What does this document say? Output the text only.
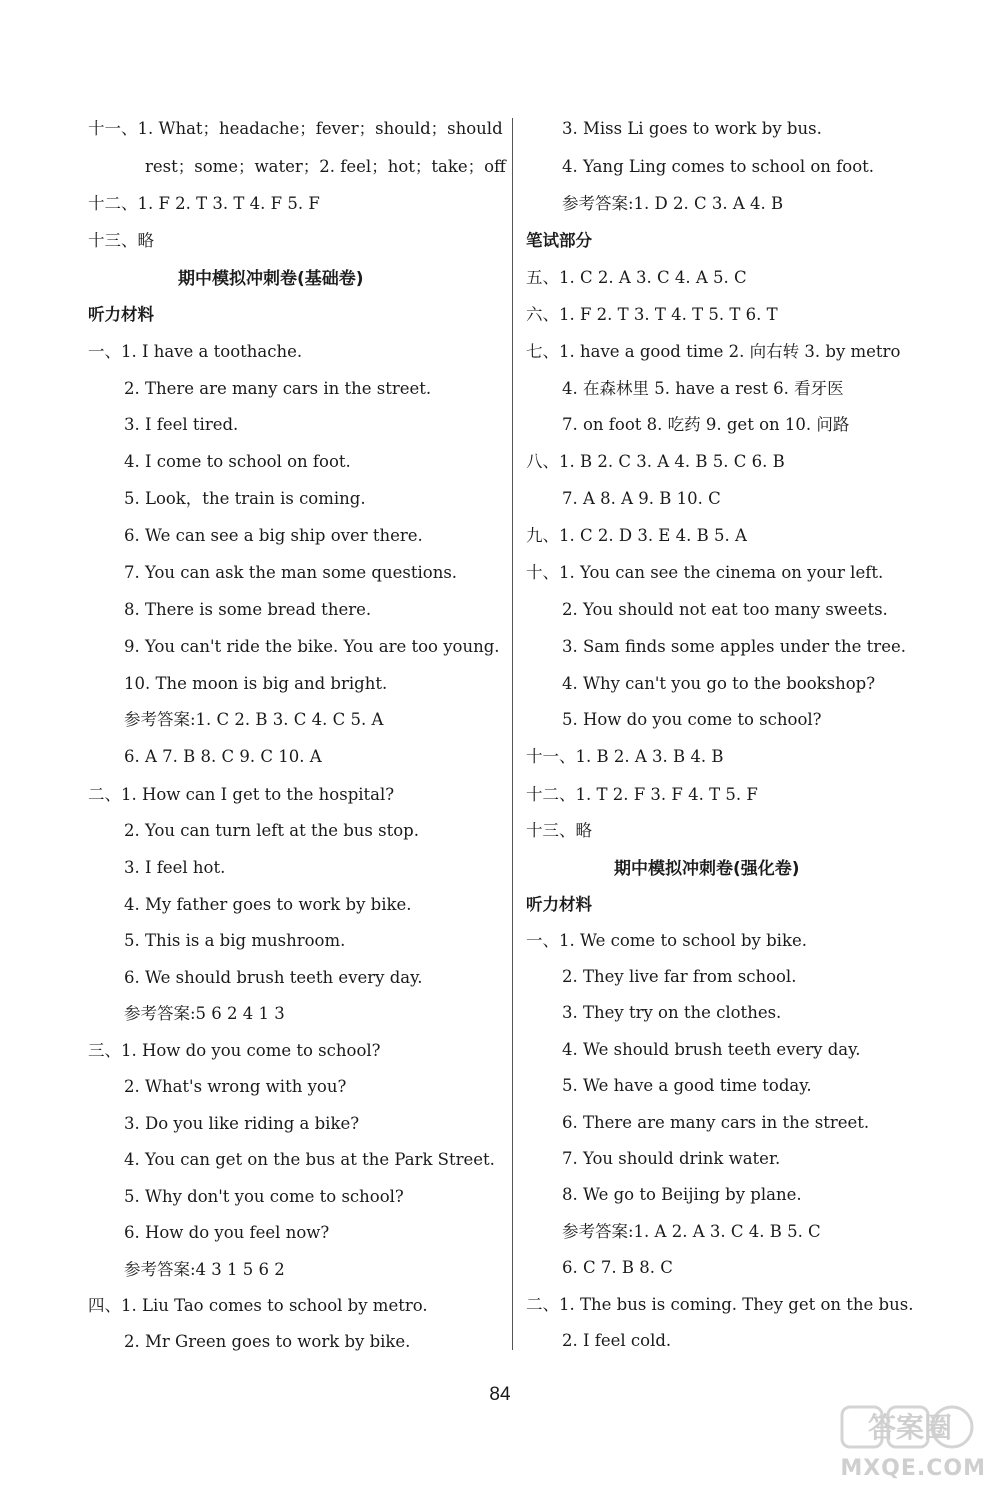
十一、1. What；headache；fever；should；should
rest；some；water；2. feel；hot；take；off
十二、1. F 2. T 3. T 4. F 5. F
十三、略
期中模拟冲刺卷(基础卷)
听力材料
一、1. I have a toothache.
2. There are many cars in the street.
3. I feel tired.
4. I come to school on foot.
5. Look，the train is coming.
6. We can see a big ship over there.
7. You can ask the man some questions.
8. There is some bread there.
9. You can't ride the bike. You are too young.
10. The moon is big and bright.
参考答案:1. C 2. B 3. C 4. C 5. A
6. A 7. B 8. C 9. C 10. A
二、1. How can I get to the hospital?
2. You can turn left at the bus stop.
3. I feel hot.
4. My father goes to work by bike.
5. This is a big mushroom.
6. We should brush teeth every day.
参考答案:5 6 2 4 1 3
三、1. How do you come to school?
2. What's wrong with you?
3. Do you like riding a bike?
4. You can get on the bus at the Park Street.
5. Why don't you come to school?
6. How do you feel now?
参考答案:4 3 1 5 6 2
四、1. Liu Tao comes to school by metro.
2. Mr Green goes to work by bike.
3. Miss Li goes to work by bus.
4. Yang Ling comes to school on foot.
参考答案:1. D 2. C 3. A 4. B
笔试部分
五、1. C 2. A 3. C 4. A 5. C
六、1. F 2. T 3. T 4. T 5. T 6. T
七、1. have a good time 2. 向右转 3. by metro
4. 在森林里 5. have a rest 6. 看牙医
7. on foot 8. 吃药 9. get on 10. 问路
八、1. B 2. C 3. A 4. B 5. C 6. B
7. A 8. A 9. B 10. C
九、1. C 2. D 3. E 4. B 5. A
十、1. You can see the cinema on your left.
2. You should not eat too many sweets.
3. Sam finds some apples under the tree.
4. Why can't you go to the bookshop?
5. How do you come to school?
十一、1. B 2. A 3. B 4. B
十二、1. T 2. F 3. F 4. T 5. F
十三、略
期中模拟冲刺卷(强化卷)
听力材料
一、1. We come to school by bike.
2. They live far from school.
3. They try on the clothes.
4. We should brush teeth every day.
5. We have a good time today.
6. There are many cars in the street.
7. You should drink water.
8. We go to Beijing by plane.
参考答案:1. A 2. A 3. C 4. B 5. C
6. C 7. B 8. C
二、1. The bus is coming. They get on the bus.
2. I feel cold.
84
答案圈
MXQE.COM
